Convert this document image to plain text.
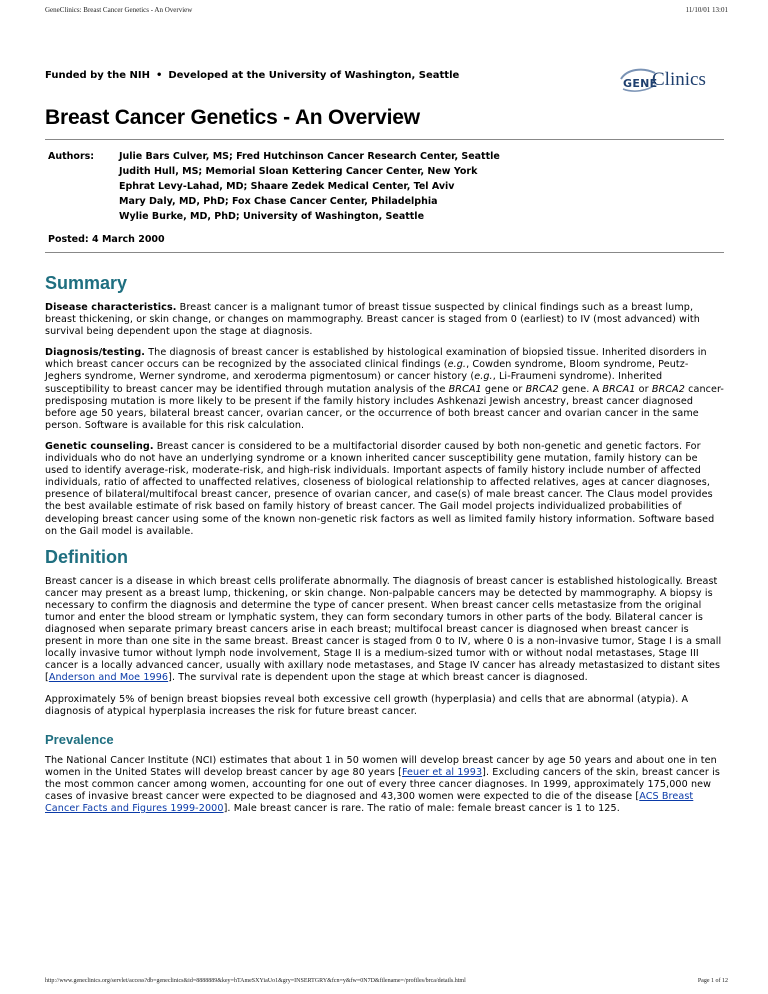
GeneClinics: Breast Cancer Genetics - An Overview	11/10/01 13:01
Funded by the NIH • Developed at the University of Washington, Seattle
GENE
Clinics
Breast Cancer Genetics - An Overview
Authors:	Julie Bars Culver, MS; Fred Hutchinson Cancer Research Center, Seattle
Judith Hull, MS; Memorial Sloan Kettering Cancer Center, New York
Ephrat Levy-Lahad, MD; Shaare Zedek Medical Center, Tel Aviv
Mary Daly, MD, PhD; Fox Chase Cancer Center, Philadelphia
Wylie Burke, MD, PhD; University of Washington, Seattle
Posted: 4 March 2000
Summary

Disease characteristics. Breast cancer is a malignant tumor of breast tissue suspected by clinical findings such as a breast lump, breast thickening, or skin change, or changes on mammography. Breast cancer is staged from 0 (earliest) to IV (most advanced) with survival being dependent upon the stage at diagnosis.

Diagnosis/testing. The diagnosis of breast cancer is established by histological examination of biopsied tissue. Inherited disorders in which breast cancer occurs can be recognized by the associated clinical findings (e.g., Cowden syndrome, Bloom syndrome, Peutz-Jeghers syndrome, Werner syndrome, and xeroderma pigmentosum) or cancer history (e.g., Li-Fraumeni syndrome). Inherited susceptibility to breast cancer may be identified through mutation analysis of the BRCA1 gene or BRCA2 gene. A BRCA1 or BRCA2 cancer-predisposing mutation is more likely to be present if the family history includes Ashkenazi Jewish ancestry, breast cancer diagnosed before age 50 years, bilateral breast cancer, ovarian cancer, or the occurrence of both breast cancer and ovarian cancer in the same person. Software is available for this risk calculation.

Genetic counseling. Breast cancer is considered to be a multifactorial disorder caused by both non-genetic and genetic factors. For individuals who do not have an underlying syndrome or a known inherited cancer susceptibility gene mutation, family history can be used to identify average-risk, moderate-risk, and high-risk individuals. Important aspects of family history include number of affected individuals, ratio of affected to unaffected relatives, closeness of biological relationship to affected relatives, ages at cancer diagnoses, presence of bilateral/multifocal breast cancer, presence of ovarian cancer, and case(s) of male breast cancer. The Claus model provides the best available estimate of risk based on family history of breast cancer. The Gail model projects individualized probabilities of developing breast cancer using some of the known non-genetic risk factors as well as limited family history information. Software based on the Gail model is available.

Definition

Breast cancer is a disease in which breast cells proliferate abnormally. The diagnosis of breast cancer is established histologically. Breast cancer may present as a breast lump, thickening, or skin change. Non-palpable cancers may be detected by mammography. A biopsy is necessary to confirm the diagnosis and determine the type of cancer present. When breast cancer cells metastasize from the original tumor and enter the blood stream or lymphatic system, they can form secondary tumors in other parts of the body. Bilateral cancer is diagnosed when separate primary breast cancers arise in each breast; multifocal breast cancer is diagnosed when breast cancer is present in more than one site in the same breast. Breast cancer is staged from 0 to IV, where 0 is a non-invasive tumor, Stage I is a small locally invasive tumor without lymph node involvement, Stage II is a medium-sized tumor with or without nodal metastases, Stage III cancer is a locally advanced cancer, usually with axillary node metastases, and Stage IV cancer has already metastasized to distant sites [Anderson and Moe 1996]. The survival rate is dependent upon the stage at which breast cancer is diagnosed.

Approximately 5% of benign breast biopsies reveal both excessive cell growth (hyperplasia) and cells that are abnormal (atypia). A diagnosis of atypical hyperplasia increases the risk for future breast cancer.

Prevalence

The National Cancer Institute (NCI) estimates that about 1 in 50 women will develop breast cancer by age 50 years and about one in ten women in the United States will develop breast cancer by age 80 years [Feuer et al 1993]. Excluding cancers of the skin, breast cancer is the most common cancer among women, accounting for one out of every three cancer diagnoses. In 1999, approximately 175,000 new cases of invasive breast cancer were expected to be diagnosed and 43,300 women were expected to die of the disease [ACS Breast Cancer Facts and Figures 1999-2000]. Male breast cancer is rare. The ratio of male: female breast cancer is 1 to 125.

http://www.geneclinics.org/servlet/access?db=geneclinics&id=8888889&key=hTAmeSXYiaUo1&gry=INSERTGRY&fcn=y&fw=0N7D&filename=/profiles/brca/details.html	Page 1 of 12
